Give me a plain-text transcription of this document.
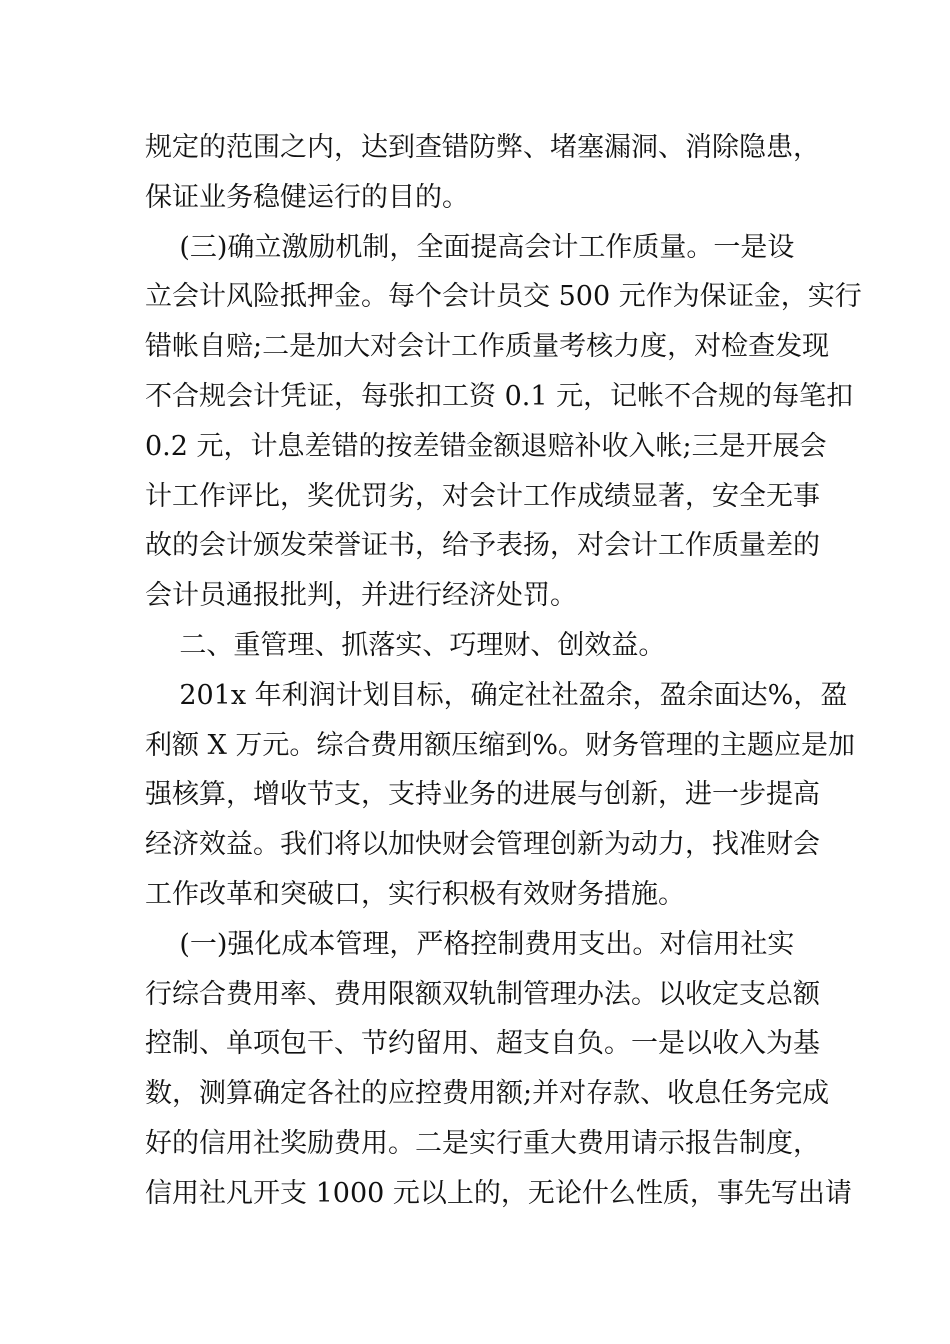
规定的范围之内，达到查错防弊、堵塞漏洞、消除隐患，
保证业务稳健运行的目的。
(三)确立激励机制，全面提高会计工作质量。一是设
立会计风险抵押金。每个会计员交 500 元作为保证金，实行
错帐自赔;二是加大对会计工作质量考核力度，对检查发现
不合规会计凭证，每张扣工资 0.1 元，记帐不合规的每笔扣
0.2 元，计息差错的按差错金额退赔补收入帐;三是开展会
计工作评比，奖优罚劣，对会计工作成绩显著，安全无事
故的会计颁发荣誉证书，给予表扬，对会计工作质量差的
会计员通报批判，并进行经济处罚。
二、重管理、抓落实、巧理财、创效益。
201x 年利润计划目标，确定社社盈余，盈余面达%，盈
利额 X 万元。综合费用额压缩到%。财务管理的主题应是加
强核算，增收节支，支持业务的进展与创新，进一步提高
经济效益。我们将以加快财会管理创新为动力，找准财会
工作改革和突破口，实行积极有效财务措施。
(一)强化成本管理，严格控制费用支出。对信用社实
行综合费用率、费用限额双轨制管理办法。以收定支总额
控制、单项包干、节约留用、超支自负。一是以收入为基
数，测算确定各社的应控费用额;并对存款、收息任务完成
好的信用社奖励费用。二是实行重大费用请示报告制度，
信用社凡开支 1000 元以上的，无论什么性质，事先写出请
